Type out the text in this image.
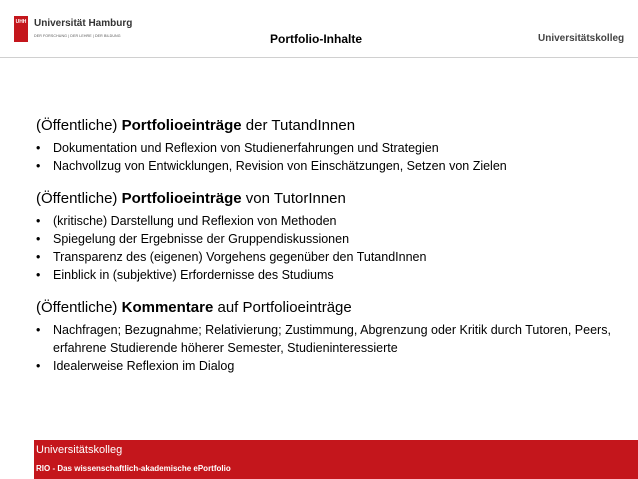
UHH Universität Hamburg
DER FORSCHUNG | DER LEHRE | DER BILDUNG	Portfolio-Inhalte	Universitätskolleg
(Öffentliche) Portfolioeinträge der TutandInnen
• Dokumentation und Reflexion von Studienerfahrungen und Strategien
• Nachvollzug von Entwicklungen, Revision von Einschätzungen, Setzen von Zielen
(Öffentliche) Portfolioeinträge von TutorInnen
• (kritische) Darstellung und Reflexion von Methoden
• Spiegelung der Ergebnisse der Gruppendiskussionen
• Transparenz des (eigenen) Vorgehens gegenüber den TutandInnen
• Einblick in (subjektive) Erfordernisse des Studiums
(Öffentliche) Kommentare auf Portfolioeinträge
• Nachfragen; Bezugnahme; Relativierung; Zustimmung, Abgrenzung oder Kritik durch Tutoren, Peers, erfahrene Studierende höherer Semester, Studieninteressierte
• Idealerweise Reflexion im Dialog
Universitätskolleg
RIO - Das wissenschaftlich-akademische ePortfolio
